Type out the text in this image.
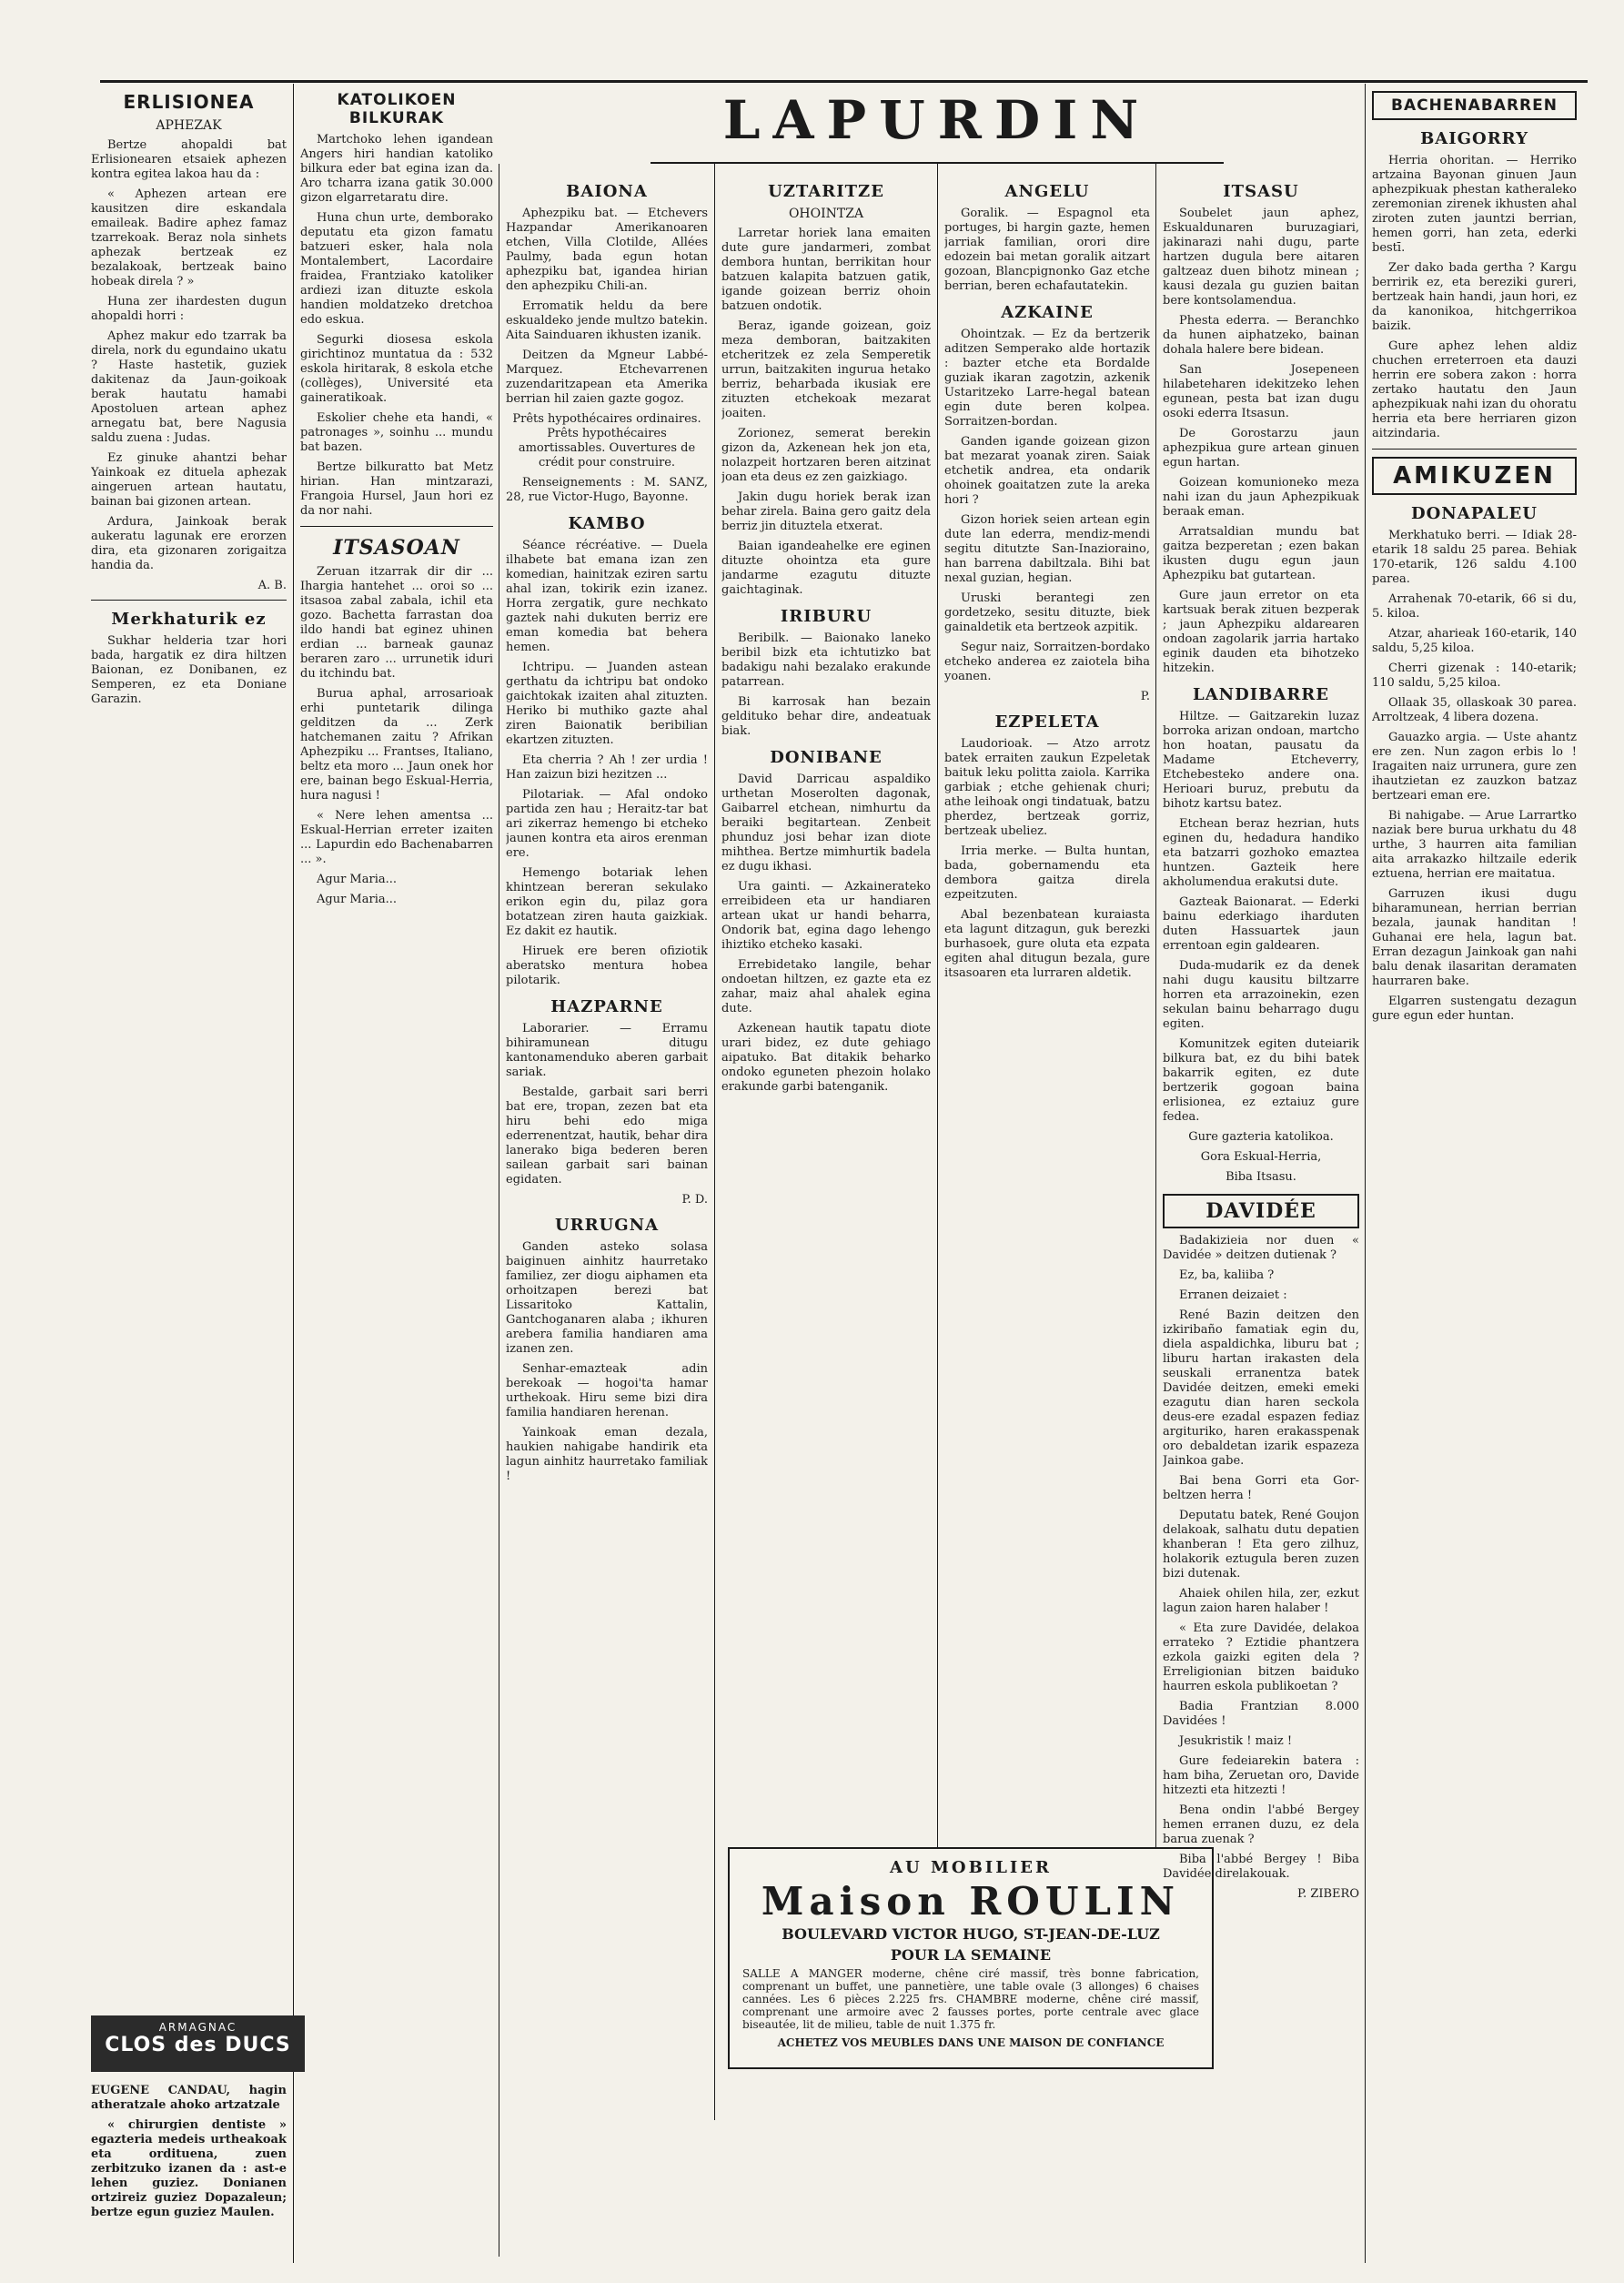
LAPURDIN
ERLISIONEA
APHEZAK

Bertze ahopaldi bat Erlisionearen etsaiek aphezen kontra egitea lakoa hau da :

« Aphezen artean ere kausitzen dire eskandala emaileak. Badire aphez famaz tzarrekoak. Beraz nola sinhets aphezak bertzeak ez bezalakoak, bertzeak baino hobeak direla ? »

Huna zer ihardesten dugun ahopaldi horri :

Aphez makur edo tzarrak ba direla, nork du egundaino ukatu ? Haste hastetik, guziek dakitenaz da Jaun-goikoak berak hautatu hamabi Apostoluen artean aphez arnegatu bat, bere Nagusia saldu zuena : Judas.

Ez ginuke ahantzi behar Yainkoak ez dituela aphezak aingeruen artean hautatu, bainan bai gizonen artean.

Ardura, Jainkoak berak aukeratu lagunak ere erorzen dira, eta gizonaren zorigaitza handia da.

A. B.
Merkhaturik ez

Sukhar helderia tzar hori bada, hargatik ez dira hiltzen Baionan, ez Donibanen, ez Semperen, ez eta Doniane Garazin.

ARMAGNAC
CLOS des DUCS

EUGENE CANDAU, hagin atheratzale ahoko artzatzale

« chirurgien dentiste » egazteria medeis urtheakoak eta ordituena, zuen zerbitzuko izanen da : ast-e lehen guziez. Donianen ortzireiz guziez Dopazaleun; bertze egun guziez Maulen.

KATOLIKOEN BILKURAK

Martchoko lehen igandean Angers hiri handian katoliko bilkura eder bat egina izan da. Aro tcharra izana gatik 30.000 gizon elgarretaratu dire.

Huna chun urte, demborako deputatu eta gizon famatu batzueri esker, hala nola Montalembert, Lacordaire fraidea, Frantziako katoliker ardiezi izan dituzte eskola handien moldatzeko dretchoa edo eskua.

Segurki diosesa eskola girichtinoz muntatua da : 532 eskola hiritarak, 8 eskola etche (collèges), Université eta gaineratikoak.

Eskolier chehe eta handi, « patronages », soinhu ... mundu bat bazen.

Bertze bilkuratto bat Metz hirian. Han mintzarazi, Frangoia Hursel, Jaun hori ez da nor nahi.

ITSASOAN

Zeruan itzarrak dir dir ... Ihargia hantehet ... oroi so ... itsasoa zabal zabala, ichil eta gozo. Bachetta farrastan doa ildo handi bat eginez uhinen erdian ... barneak gaunaz beraren zaro ... urrunetik iduri du itchindu bat.

Burua aphal, arrosarioak erhi puntetarik dilinga gelditzen da ... Zerk hatchemanen zaitu ? Afrikan Aphezpiku ... Frantses, Italiano, beltz eta moro ... Jaun onek hor ere, bainan bego Eskual-Herria, hura nagusi !

« Nere lehen amentsa ... Eskual-Herrian erreter izaiten ... Lapurdin edo Bachenabarren ... ».

Agur Maria...

Agur Maria...

BAIONA

Aphezpiku bat. — Etchevers Hazpandar Amerikanoaren etchen, Villa Clotilde, Allées Paulmy, bada egun hotan aphezpiku bat, igandea hirian den aphezpiku Chili-an.

Erromatik heldu da bere eskualdeko jende multzo batekin. Aita Sainduaren ikhusten izanik.

Deitzen da Mgneur Labbé-Marquez. Etchevarrenen zuzendaritzapean eta Amerika berrian hil zaien gazte gogoz.

Prêts hypothécaires ordinaires. Prêts hypothécaires amortissables. Ouvertures de crédit pour construire.

Renseignements : M. SANZ, 28, rue Victor-Hugo, Bayonne.

KAMBO

Séance récréative. — Duela ilhabete bat emana izan zen komedian, hainitzak eziren sartu ahal izan, tokirik ezin izanez. Horra zergatik, gure nechkato gaztek nahi dukuten berriz ere eman komedia bat behera hemen.

Ichtripu. — Juanden astean gerthatu da ichtripu bat ondoko gaichtokak izaiten ahal zituzten. Heriko bi muthiko gazte ahal ziren Baionatik beribilian ekartzen zituzten.

Eta cherria ? Ah ! zer urdia ! Han zaizun bizi hezitzen ...

Pilotariak. — Afal ondoko partida zen hau ; Heraitz-tar bat ari zikerraz hemengo bi etcheko jaunen kontra eta airos erenman ere.

Hemengo botariak lehen khintzean bereran sekulako erikon egin du, pilaz gora botatzean ziren hauta gaizkiak. Ez dakit ez hautik.

Hiruek ere beren ofiziotik aberatsko mentura hobea pilotarik.

HAZPARNE

Laborarier. — Erramu bihiramunean ditugu kantonamenduko aberen garbait sariak.

Bestalde, garbait sari berri bat ere, tropan, zezen bat eta hiru behi edo miga ederrenentzat, hautik, behar dira lanerako biga bederen beren sailean garbait sari bainan egidaten.

P. D.
URRUGNA

Ganden asteko solasa baiginuen ainhitz haurretako familiez, zer diogu aiphamen eta orhoitzapen berezi bat Lissaritoko Kattalin, Gantchoganaren alaba ; ikhuren arebera familia handiaren ama izanen zen.

Senhar-emazteak adin berekoak — hogoi'ta hamar urthekoak. Hiru seme bizi dira familia handiaren herenan.

Yainkoak eman dezala, haukien nahigabe handirik eta lagun ainhitz haurretako familiak !

UZTARITZE
OHOINTZA

Larretar horiek lana emaiten dute gure jandarmeri, zombat dembora huntan, berrikitan hour batzuen kalapita batzuen gatik, igande goizean berriz ohoin batzuen ondotik.

Beraz, igande goizean, goiz meza demboran, baitzakiten etcheritzek ez zela Semperetik urrun, baitzakiten ingurua hetako berriz, beharbada ikusiak ere zituzten etchekoak mezarat joaiten.

Zorionez, semerat berekin gizon da, Azkenean hek jon eta, nolazpeit hortzaren beren aitzinat joan eta deus ez zen gaizkiago.

Jakin dugu horiek berak izan behar zirela. Baina gero gaitz dela berriz jin dituztela etxerat.

Baian igandeahelke ere eginen dituzte ohointza eta gure jandarme ezagutu dituzte gaichtaginak.

IRIBURU

Beribilk. — Baionako laneko beribil bizk eta ichtutizko bat badakigu nahi bezalako erakunde patarrean.

Bi karrosak han bezain geldituko behar dire, andeatuak biak.

DONIBANE

David Darricau aspaldiko urthetan Moserolten dagonak, Gaibarrel etchean, nimhurtu da beraiki begitartean. Zenbeit phunduz josi behar izan diote mihthea. Bertze mimhurtik badela ez dugu ikhasi.

Ura gainti. — Azkainerateko erreibideen eta ur handiaren artean ukat ur handi beharra, Ondorik bat, egina dago lehengo ihiztiko etcheko kasaki.

Errebidetako langile, behar ondoetan hiltzen, ez gazte eta ez zahar, maiz ahal ahalek egina dute.

Azkenean hautik tapatu diote urari bidez, ez dute gehiago aipatuko. Bat ditakik beharko ondoko eguneten phezoin holako erakunde garbi batenganik.

AU MOBILIER
Maison ROULIN
BOULEVARD VICTOR HUGO, ST-JEAN-DE-LUZ
POUR LA SEMAINE
SALLE A MANGER moderne, chêne ciré massif, très bonne fabrication, comprenant un buffet, une pannetière, une table ovale (3 allonges) 6 chaises cannées. Les 6 pièces 2.225 frs. CHAMBRE moderne, chêne ciré massif, comprenant une armoire avec 2 fausses portes, porte centrale avec glace biseautée, lit de milieu, table de nuit 1.375 fr.
ACHETEZ VOS MEUBLES DANS UNE MAISON DE CONFIANCE
ANGELU

Goralik. — Espagnol eta portuges, bi hargin gazte, hemen jarriak familian, orori dire edozein bai metan goralik aitzart gozoan, Blancpignonko Gaz etche berrian, beren echafautatekin.

AZKAINE

Ohointzak. — Ez da bertzerik aditzen Semperako alde hortazik : bazter etche eta Bordalde guziak ikaran zagotzin, azkenik Ustaritzeko Larre-hegal batean egin dute beren kolpea. Sorraitzen-bordan.

Ganden igande goizean gizon bat mezarat yoanak ziren. Saiak etchetik andrea, eta ondarik ohoinek goaitatzen zute la areka hori ?

Gizon horiek seien artean egin dute lan ederra, mendiz-mendi segitu ditutzte San-Inazioraino, han barrena dabiltzala. Bihi bat nexal guzian, hegian.

Uruski berantegi zen gordetzeko, sesitu dituzte, biek gainaldetik eta bertzeok azpitik.

Segur naiz, Sorraitzen-bordako etcheko anderea ez zaiotela biha yoanen.

P.
EZPELETA

Laudorioak. — Atzo arrotz batek erraiten zaukun Ezpeletak baituk leku politta zaiola. Karrika garbiak ; etche gehienak churi; athe leihoak ongi tindatuak, batzu pherdez, bertzeak gorriz, bertzeak ubeliez.

Irria merke. — Bulta huntan, bada, gobernamendu eta dembora gaitza direla ezpeitzuten.

Abal bezenbatean kuraiasta eta lagunt ditzagun, guk berezki burhasoek, gure oluta eta ezpata egiten ahal ditugun bezala, gure itsasoaren eta lurraren aldetik.

ITSASU

Soubelet jaun aphez, Eskualdunaren buruzagiari, jakinarazi nahi dugu, parte hartzen dugula bere aitaren galtzeaz duen bihotz minean ; kausi dezala gu guzien baitan bere kontsolamendua.

Phesta ederra. — Beranchko da hunen aiphatzeko, bainan dohala halere bere bidean.

San Josepeneen hilabeteharen idekitzeko lehen egunean, pesta bat izan dugu osoki ederra Itsasun.

De Gorostarzu jaun aphezpikua gure artean ginuen egun hartan.

Goizean komunioneko meza nahi izan du jaun Aphezpikuak beraak eman.

Arratsaldian mundu bat gaitza bezperetan ; ezen bakan ikusten dugu egun jaun Aphezpiku bat gutartean.

Gure jaun erretor on eta kartsuak berak zituen bezperak ; jaun Aphezpiku aldarearen ondoan zagolarik jarria hartako eginik dauden eta bihotzeko hitzekin.

LANDIBARRE

Hiltze. — Gaitzarekin luzaz borroka arizan ondoan, martcho hon hoatan, pausatu da Madame Etcheverry, Etchebesteko andere ona. Herioari buruz, prebutu da bihotz kartsu batez.

Etchean beraz hezrian, huts eginen du, hedadura handiko eta batzarri gozhoko emaztea huntzen. Gazteik here akholumendua erakutsi dute.

Gazteak Baionarat. — Ederki bainu ederkiago iharduten duten Hassuartek jaun errentoan egin galdearen.

Duda-mudarik ez da denek nahi dugu kausitu biltzarre horren eta arrazoinekin, ezen sekulan bainu beharrago dugu egiten.

Komunitzek egiten duteiarik bilkura bat, ez du bihi batek bakarrik egiten, ez dute bertzerik gogoan baina erlisionea, ez eztaiuz gure fedea.

Gure gazteria katolikoa.

Gora Eskual-Herria,

Biba Itsasu.

DAVIDÉE

Badakizieia nor duen « Davidée » deitzen dutienak ?

Ez, ba, kaliiba ?

Erranen deizaiet :

René Bazin deitzen den izkiribaño famatiak egin du, diela aspaldichka, liburu bat ; liburu hartan irakasten dela seuskali erranentza batek Davidée deitzen, emeki emeki ezagutu dian haren seckola deus-ere ezadal espazen fediaz argituriko, haren erakasspenak oro debaldetan izarik espazeza Jainkoa gabe.

Bai bena Gorri eta Gor-beltzen herra !

Deputatu batek, René Goujon delakoak, salhatu dutu depatien khanberan ! Eta gero zilhuz, holakorik eztugula beren zuzen bizi dutenak.

Ahaiek ohilen hila, zer, ezkut lagun zaion haren halaber !

« Eta zure Davidée, delakoa errateko ? Eztidie phantzera ezkola gaizki egiten dela ? Erreligionian bitzen baiduko haurren eskola publikoetan ?

Badia Frantzian 8.000 Davidées !

Jesukristik ! maiz !

Gure fedeiarekin batera : ham biha, Zeruetan oro, Davide hitzezti eta hitzezti !

Bena ondin l'abbé Bergey hemen erranen duzu, ez dela barua zuenak ?

Biba l'abbé Bergey ! Biba Davidée direlakouak.

P. ZIBERO
BACHENABARREN
BAIGORRY

Herria ohoritan. — Herriko artzaina Bayonan ginuen Jaun aphezpikuak phestan katheraleko zeremonian zirenek ikhusten ahal ziroten zuten jauntzi berrian, hemen gorri, han zeta, ederki bestī.

Zer dako bada gertha ? Kargu berririk ez, eta bereziki gureri, bertzeak hain handi, jaun hori, ez da kanonikoa, hitchgerrikoa baizik.

Gure aphez lehen aldiz chuchen erreterroen eta dauzi herrin ere sobera zakon : horra zertako hautatu den Jaun aphezpikuak nahi izan du ohoratu herria eta bere herriaren gizon aitzindaria.

AMIKUZEN
DONAPALEU

Merkhatuko berri. — Idiak 28-etarik 18 saldu 25 parea. Behiak 170-etarik, 126 saldu 4.100 parea.

Arrahenak 70-etarik, 66 si du, 5. kiloa.

Atzar, aharieak 160-etarik, 140 saldu, 5,25 kiloa.

Cherri gizenak : 140-etarik; 110 saldu, 5,25 kiloa.

Ollaak 35, ollaskoak 30 parea. Arroltzeak, 4 libera dozena.

Gauazko argia. — Uste ahantz ere zen. Nun zagon erbis lo ! Iragaiten naiz urrunera, gure zen ihautzietan ez zauzkon batzaz bertzeari eman ere.

Bi nahigabe. — Arue Larrartko naziak bere burua urkhatu du 48 urthe, 3 haurren aita familian aita arrakazko hiltzaile ederik eztuena, herrian ere maitatua.

Garruzen ikusi dugu biharamunean, herrian berrian bezala, jaunak handitan ! Guhanai ere hela, lagun bat. Erran dezagun Jainkoak gan nahi balu denak ilasaritan deramaten haurraren bake.

Elgarren sustengatu dezagun gure egun eder huntan.
